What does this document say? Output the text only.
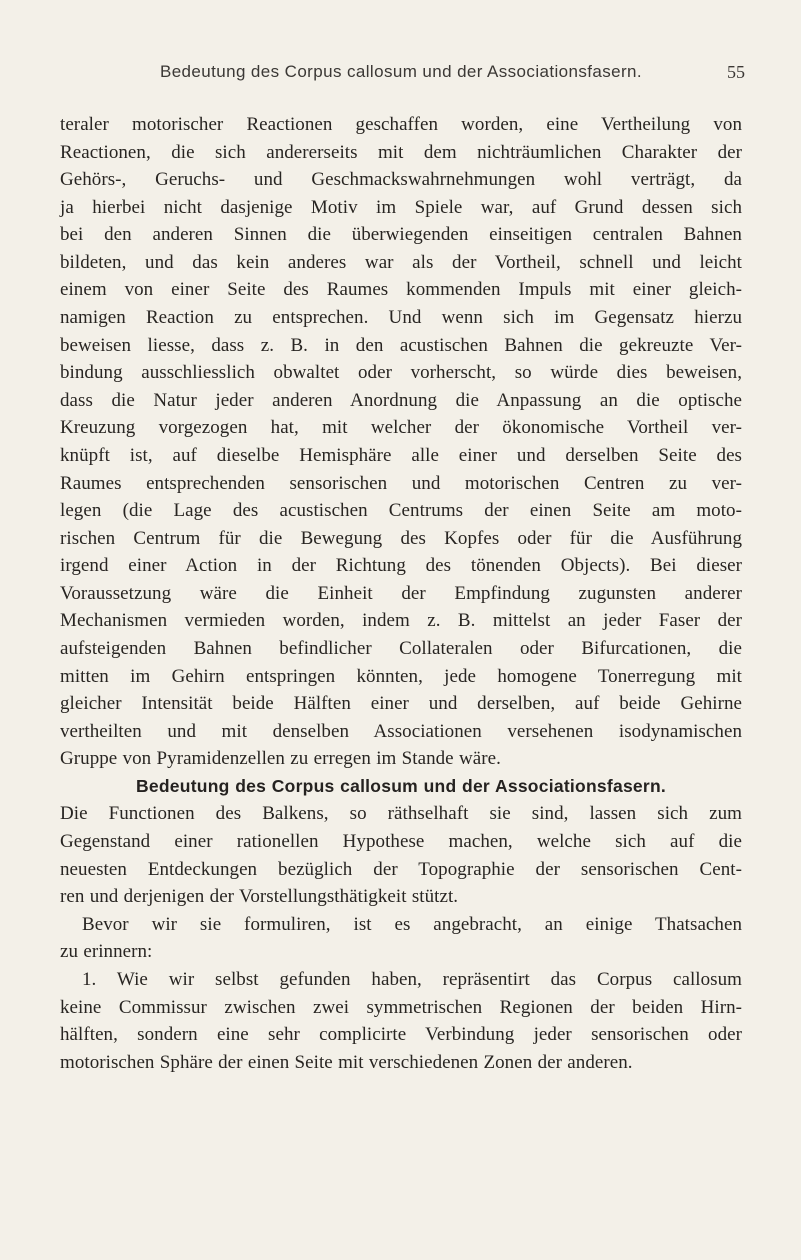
Bedeutung des Corpus callosum und der Associationsfasern.	55
teraler motorischer Reactionen geschaffen worden, eine Vertheilung von
Reactionen, die sich andererseits mit dem nichträumlichen Charakter der
Gehörs-, Geruchs- und Geschmackswahrnehmungen wohl verträgt, da
ja hierbei nicht dasjenige Motiv im Spiele war, auf Grund dessen sich
bei den anderen Sinnen die überwiegenden einseitigen centralen Bahnen
bildeten, und das kein anderes war als der Vortheil, schnell und leicht
einem von einer Seite des Raumes kommenden Impuls mit einer gleich-
namigen Reaction zu entsprechen. Und wenn sich im Gegensatz hierzu
beweisen liesse, dass z. B. in den acustischen Bahnen die gekreuzte Ver-
bindung ausschliesslich obwaltet oder vorherscht, so würde dies beweisen,
dass die Natur jeder anderen Anordnung die Anpassung an die optische
Kreuzung vorgezogen hat, mit welcher der ökonomische Vortheil ver-
knüpft ist, auf dieselbe Hemisphäre alle einer und derselben Seite des
Raumes entsprechenden sensorischen und motorischen Centren zu ver-
legen (die Lage des acustischen Centrums der einen Seite am moto-
rischen Centrum für die Bewegung des Kopfes oder für die Ausführung
irgend einer Action in der Richtung des tönenden Objects). Bei dieser
Voraussetzung wäre die Einheit der Empfindung zugunsten anderer
Mechanismen vermieden worden, indem z. B. mittelst an jeder Faser der
aufsteigenden Bahnen befindlicher Collateralen oder Bifurcationen, die
mitten im Gehirn entspringen könnten, jede homogene Tonerregung mit
gleicher Intensität beide Hälften einer und derselben, auf beide Gehirne
vertheilten und mit denselben Associationen versehenen isodynamischen
Gruppe von Pyramidenzellen zu erregen im Stande wäre.
Bedeutung des Corpus callosum und der Associationsfasern.
Die Functionen des Balkens, so räthselhaft sie sind, lassen sich zum
Gegenstand einer rationellen Hypothese machen, welche sich auf die
neuesten Entdeckungen bezüglich der Topographie der sensorischen Cent-
ren und derjenigen der Vorstellungsthätigkeit stützt.
Bevor wir sie formuliren, ist es angebracht, an einige Thatsachen
zu erinnern:
1. Wie wir selbst gefunden haben, repräsentirt das Corpus callosum
keine Commissur zwischen zwei symmetrischen Regionen der beiden Hirn-
hälften, sondern eine sehr complicirte Verbindung jeder sensorischen oder
motorischen Sphäre der einen Seite mit verschiedenen Zonen der anderen.
